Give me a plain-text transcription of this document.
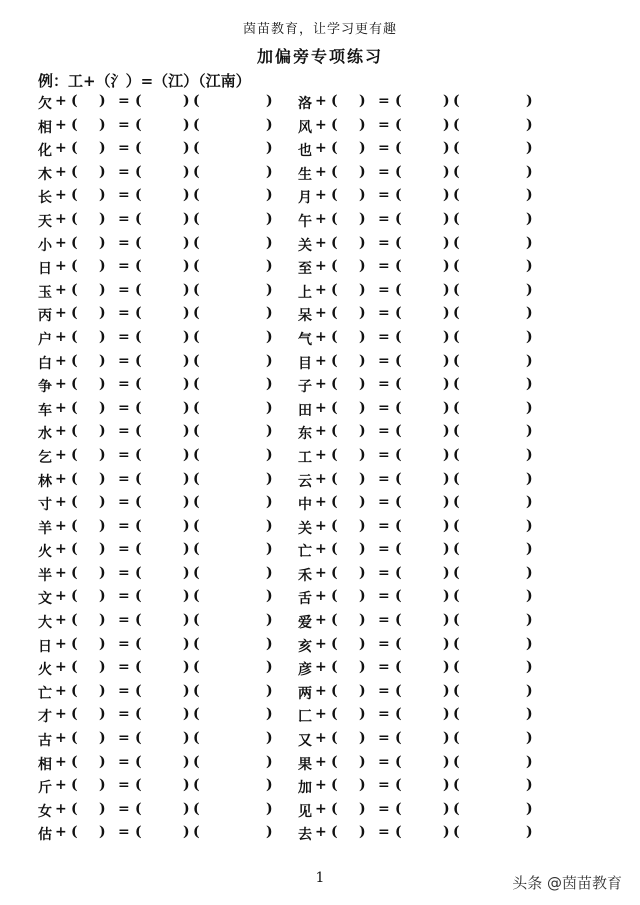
茵苗教育，让学习更有趣
加偏旁专项练习
例：工+（氵）=（江）（江南）
欠 + ( ) = (	) (	)
相 + ( ) = (	) (	)
化 + ( ) = (	) (	)
木 + ( ) = (	) (	)
长 + ( ) = (	) (	)
天 + ( ) = (	) (	)
小 + ( ) = (	) (	)
日 + ( ) = (	) (	)
玉 + ( ) = (	) (	)
丙 + ( ) = (	) (	)
户 + ( ) = (	) (	)
白 + ( ) = (	) (	)
争 + ( ) = (	) (	)
车 + ( ) = (	) (	)
水 + ( ) = (	) (	)
乞 + ( ) = (	) (	)
林 + ( ) = (	) (	)
寸 + ( ) = (	) (	)
羊 + ( ) = (	) (	)
火 + ( ) = (	) (	)
半 + ( ) = (	) (	)
文 + ( ) = (	) (	)
大 + ( ) = (	) (	)
日 + ( ) = (	) (	)
火 + ( ) = (	) (	)
亡 + ( ) = (	) (	)
才 + ( ) = (	) (	)
古 + ( ) = (	) (	)
相 + ( ) = (	) (	)
斤 + ( ) = (	) (	)
女 + ( ) = (	) (	)
估 + ( ) = (	) (	)
洛 + ( ) = (	) (	)
风 + ( ) = (	) (	)
也 + ( ) = (	) (	)
生 + ( ) = (	) (	)
月 + ( ) = (	) (	)
午 + ( ) = (	) (	)
关 + ( ) = (	) (	)
至 + ( ) = (	) (	)
上 + ( ) = (	) (	)
呆 + ( ) = (	) (	)
气 + ( ) = (	) (	)
目 + ( ) = (	) (	)
子 + ( ) = (	) (	)
田 + ( ) = (	) (	)
东 + ( ) = (	) (	)
工 + ( ) = (	) (	)
云 + ( ) = (	) (	)
中 + ( ) = (	) (	)
关 + ( ) = (	) (	)
亡 + ( ) = (	) (	)
禾 + ( ) = (	) (	)
舌 + ( ) = (	) (	)
爱 + ( ) = (	) (	)
亥 + ( ) = (	) (	)
彦 + ( ) = (	) (	)
两 + ( ) = (	) (	)
匚 + ( ) = (	) (	)
又 + ( ) = (	) (	)
果 + ( ) = (	) (	)
加 + ( ) = (	) (	)
见 + ( ) = (	) (	)
去 + ( ) = (	) (	)
1	头条 @茵苗教育
